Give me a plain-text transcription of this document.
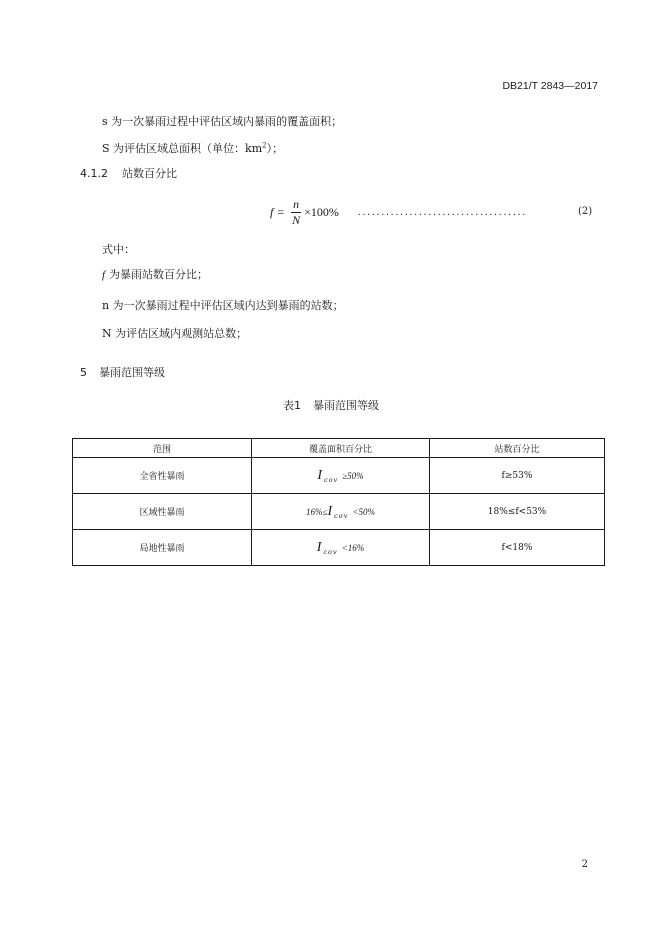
DB21/T 2843—2017
s 为一次暴雨过程中评估区域内暴雨的覆盖面积；
S 为评估区域总面积（单位：$km^2$）；
4.1.2 站数百分比
$f = \frac{n}{N} \times 100\%$ ....................................	(2)
式中：
f 为暴雨站数百分比；
n 为一次暴雨过程中评估区域内达到暴雨的站数；
N 为评估区域内观测站总数；
5 暴雨范围等级
表1 暴雨范围等级
范围	覆盖面积百分比	站数百分比
全省性暴雨	I $_{cov}$ ≥50%	f≥53%
区域性暴雨	16%≤I $_{cov}$ <50%	18%≤f<53%
局地性暴雨	I $_{cov}$ <16%	f<18%
2
